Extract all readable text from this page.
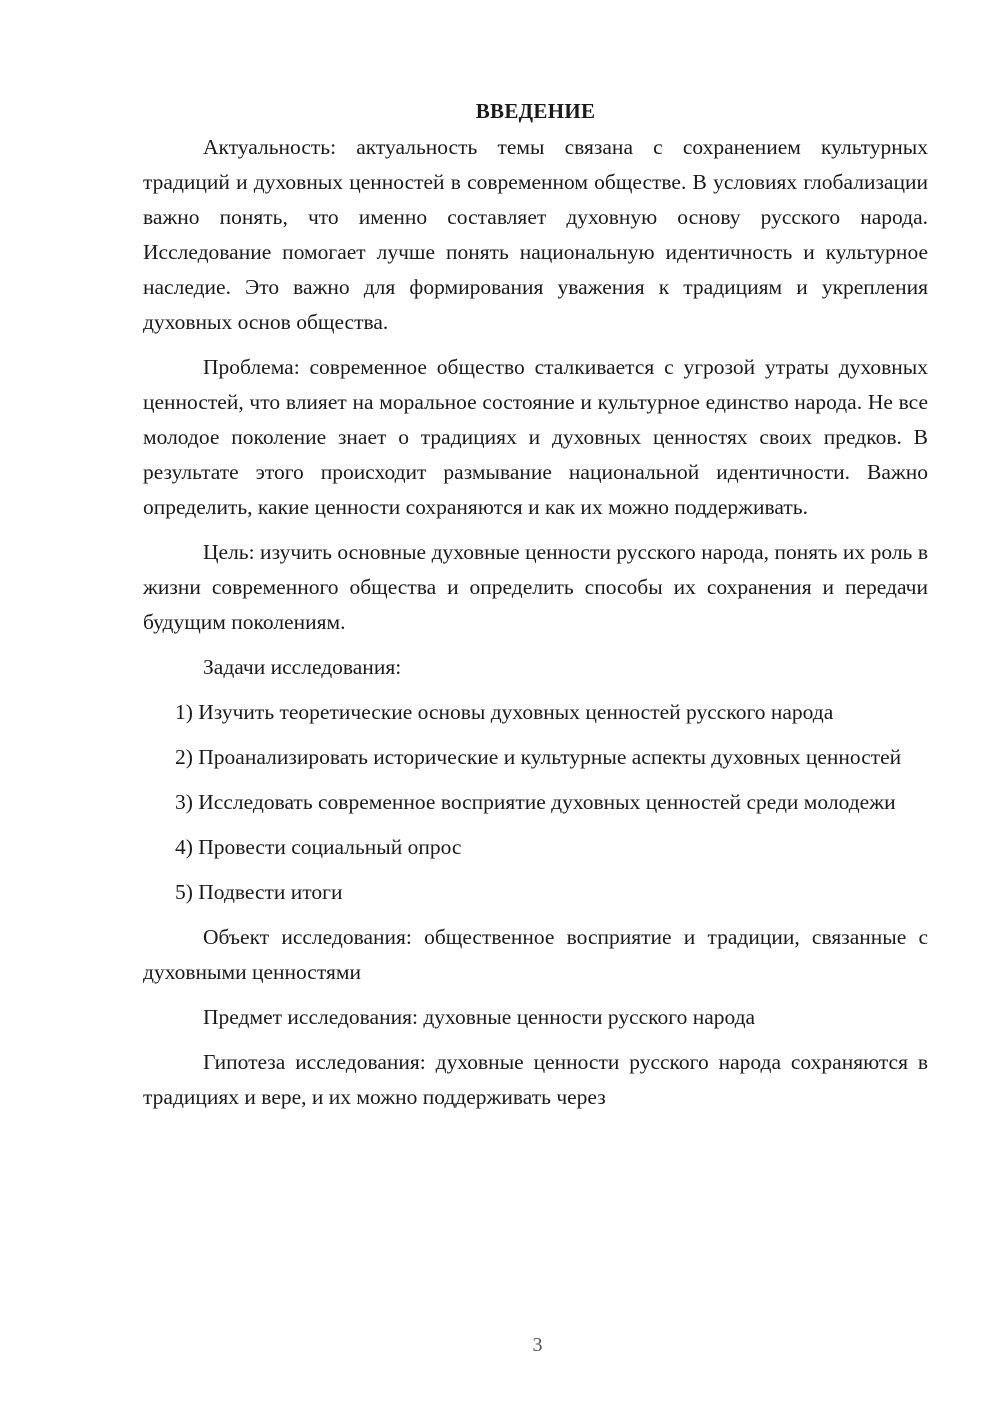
ВВЕДЕНИЕ

Актуальность: актуальность темы связана с сохранением культурных традиций и духовных ценностей в современном обществе. В условиях глобализации важно понять, что именно составляет духовную основу русского народа. Исследование помогает лучше понять национальную идентичность и культурное наследие. Это важно для формирования уважения к традициям и укрепления духовных основ общества.

Проблема: современное общество сталкивается с угрозой утраты духовных ценностей, что влияет на моральное состояние и культурное единство народа. Не все молодое поколение знает о традициях и духовных ценностях своих предков. В результате этого происходит размывание национальной идентичности. Важно определить, какие ценности сохраняются и как их можно поддерживать.

Цель: изучить основные духовные ценности русского народа, понять их роль в жизни современного общества и определить способы их сохранения и передачи будущим поколениям.

Задачи исследования:

1) Изучить теоретические основы духовных ценностей русского народа

2) Проанализировать исторические и культурные аспекты духовных ценностей

3) Исследовать современное восприятие духовных ценностей среди молодежи

4) Провести социальный опрос

5) Подвести итоги

Объект исследования: общественное восприятие и традиции, связанные с духовными ценностями

Предмет исследования: духовные ценности русского народа

Гипотеза исследования: духовные ценности русского народа сохраняются в традициях и вере, и их можно поддерживать через

3
